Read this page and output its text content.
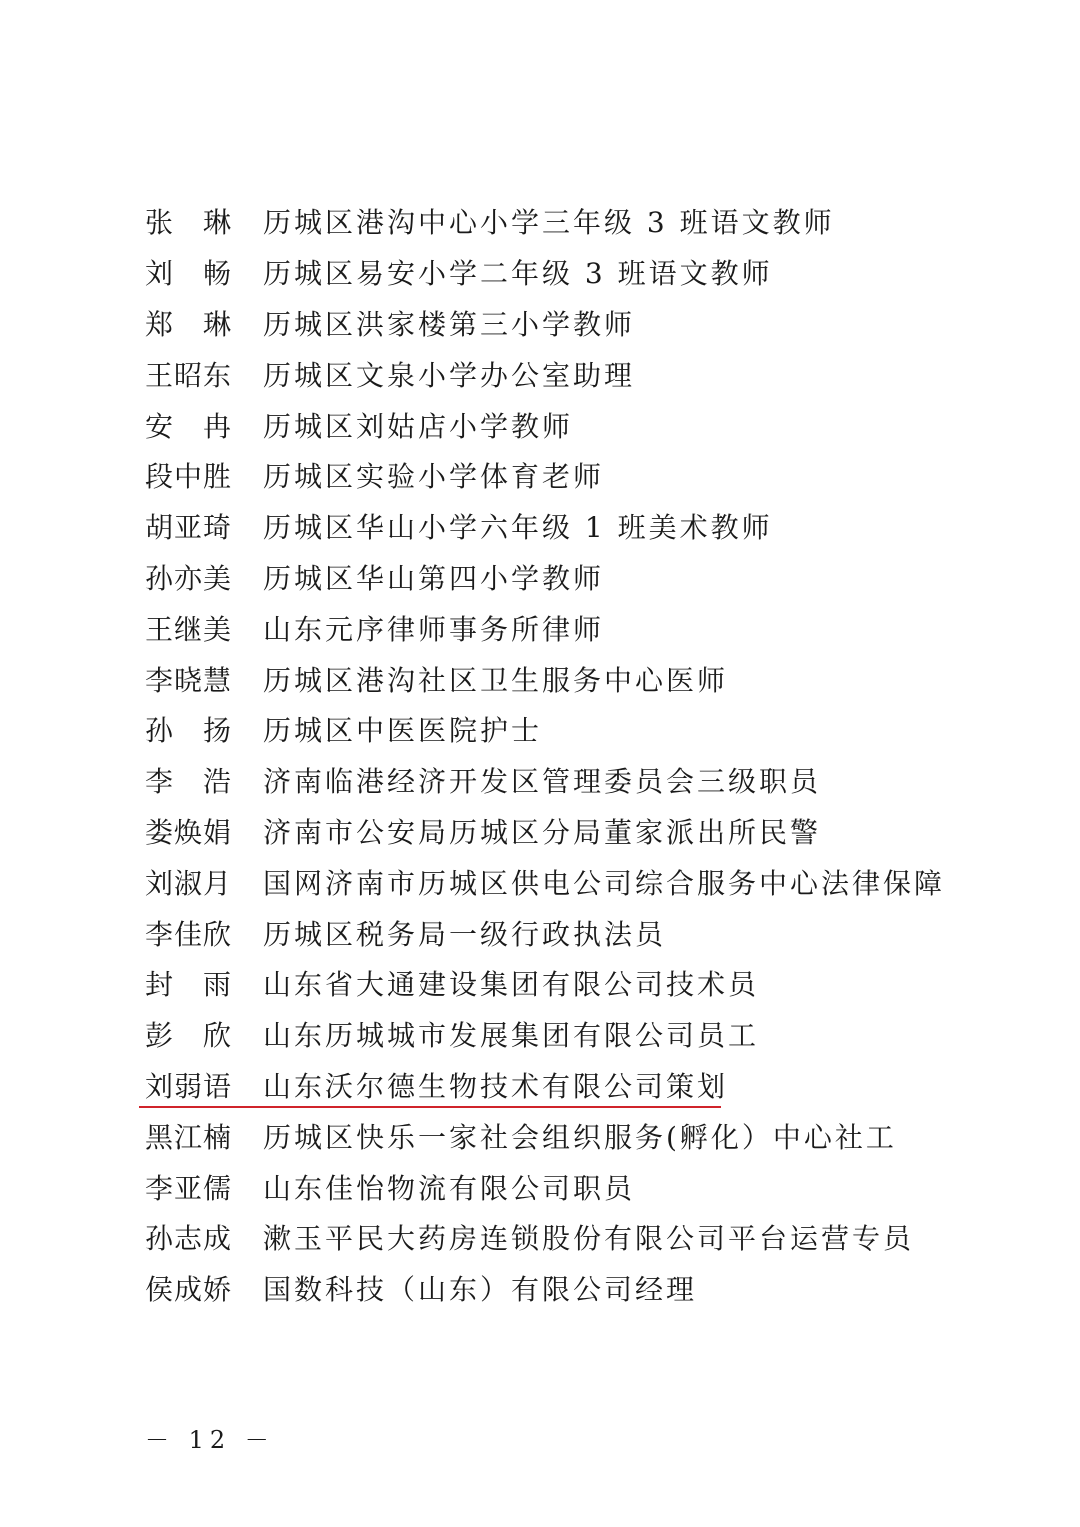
张　琳 历城区港沟中心小学三年级 3 班语文教师
刘　畅 历城区易安小学二年级 3 班语文教师
郑　琳 历城区洪家楼第三小学教师
王昭东 历城区文泉小学办公室助理
安　冉 历城区刘姑店小学教师
段中胜 历城区实验小学体育老师
胡亚琦 历城区华山小学六年级 1 班美术教师
孙亦美 历城区华山第四小学教师
王继美 山东元序律师事务所律师
李晓慧 历城区港沟社区卫生服务中心医师
孙　扬 历城区中医医院护士
李　浩 济南临港经济开发区管理委员会三级职员
娄焕娟 济南市公安局历城区分局董家派出所民警
刘淑月 国网济南市历城区供电公司综合服务中心法律保障
李佳欣 历城区税务局一级行政执法员
封　雨 山东省大通建设集团有限公司技术员
彭　欣 山东历城城市发展集团有限公司员工
刘弱语 山东沃尔德生物技术有限公司策划
黑江楠 历城区快乐一家社会组织服务(孵化）中心社工
李亚儒 山东佳怡物流有限公司职员
孙志成 漱玉平民大药房连锁股份有限公司平台运营专员
侯成娇 国数科技（山东）有限公司经理
－ 12 －
